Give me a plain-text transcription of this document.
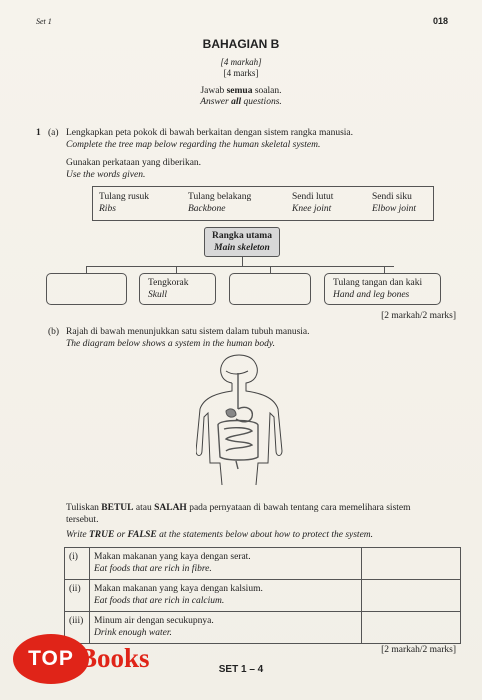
Set 1	018
BAHAGIAN B
[4 markah]
[4 marks]
Jawab semua soalan.
Answer all questions.
1 (a) Lengkapkan peta pokok di bawah berkaitan dengan sistem rangka manusia.
Complete the tree map below regarding the human skeletal system.
Gunakan perkataan yang diberikan.
Use the words given.
Tulang rusuk
Ribs
Tulang belakang
Backbone
Sendi lutut
Knee joint
Sendi siku
Elbow joint
Rangka utama
Main skeleton
Tengkorak
Skull
Tulang tangan dan kaki
Hand and leg bones
[2 markah/2 marks]
(b) Rajah di bawah menunjukkan satu sistem dalam tubuh manusia.
The diagram below shows a system in the human body.
Tuliskan BETUL atau SALAH pada pernyataan di bawah tentang cara memelihara sistem
tersebut.
Write TRUE or FALSE at the statements below about how to protect the system.
(i)	Makan makanan yang kaya dengan serat.
Eat foods that are rich in fibre.	

(ii)	Makan makanan yang kaya dengan kalsium.
Eat foods that are rich in calcium.	

(iii)	Minum air dengan secukupnya.
Drink enough water.	

[2 markah/2 marks]
SET 1 – 4
TOP Books
